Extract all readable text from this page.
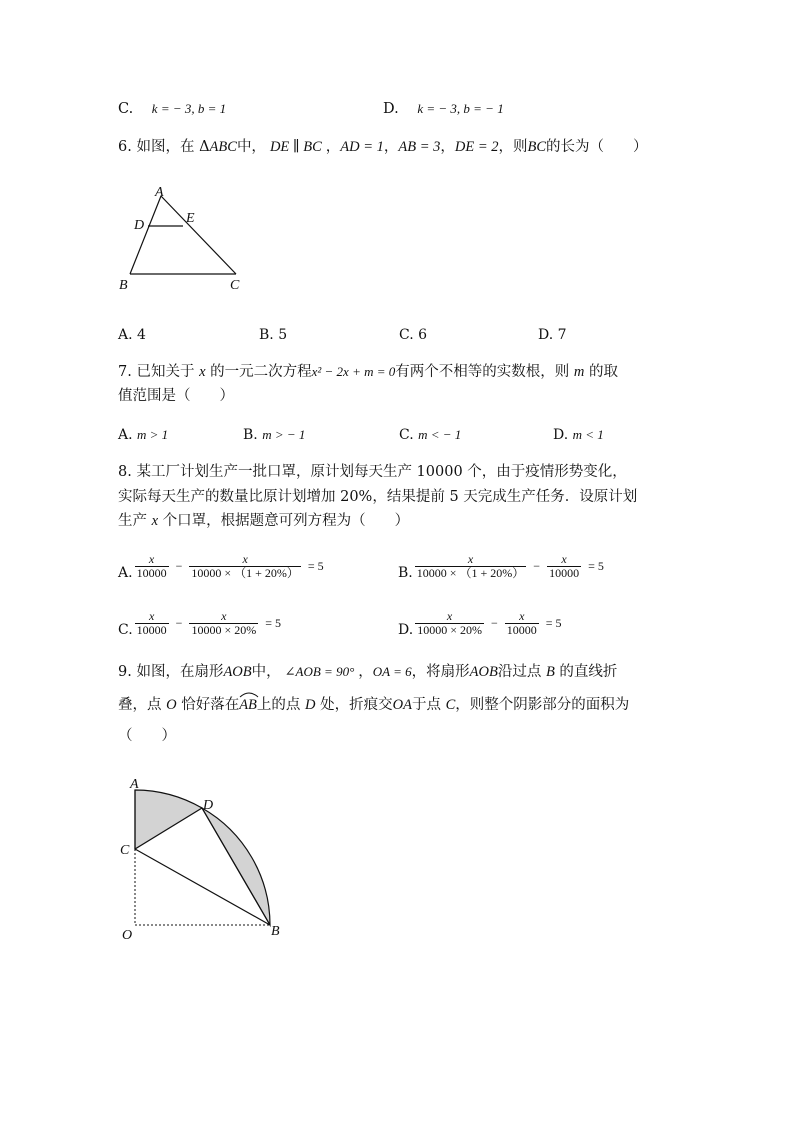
C. k = − 3, b = 1	D. k = − 3, b = − 1
6. 如图，在 ΔABC中， DE ∥ BC ，AD = 1，AB = 3，DE = 2，则BC的长为（　　）
A
D	E
B	C
A. 4	B. 5	C. 6	D. 7
7. 已知关于 x 的一元二次方程x² − 2x + m = 0有两个不相等的实数根，则 m 的取
值范围是（　　）
A. m > 1	B. m > − 1	C. m < − 1	D. m < 1
8. 某工厂计划生产一批口罩，原计划每天生产 10000 个，由于疫情形势变化，
实际每天生产的数量比原计划增加 20%，结果提前 5 天完成生产任务．设原计划
生产 x 个口罩，根据题意可列方程为（　　）
A. $\frac{x}{10000} - \frac{x}{10000 \times (1 + 20\%)} = 5$	B. $\frac{x}{10000 \times (1 + 20\%)} - \frac{x}{10000} = 5$
C. $\frac{x}{10000} - \frac{x}{10000 \times 20\%} = 5$	D. $\frac{x}{10000 \times 20\%} - \frac{x}{10000} = 5$
9. 如图，在扇形AOB中， ∠AOB = 90° ，OA = 6，将扇形AOB沿过点 B 的直线折
叠，点 O 恰好落在
AB上的点 D 处，折痕交OA于点 C，则整个阴影部分的面积为
（　　）
A
D
C
O	B
